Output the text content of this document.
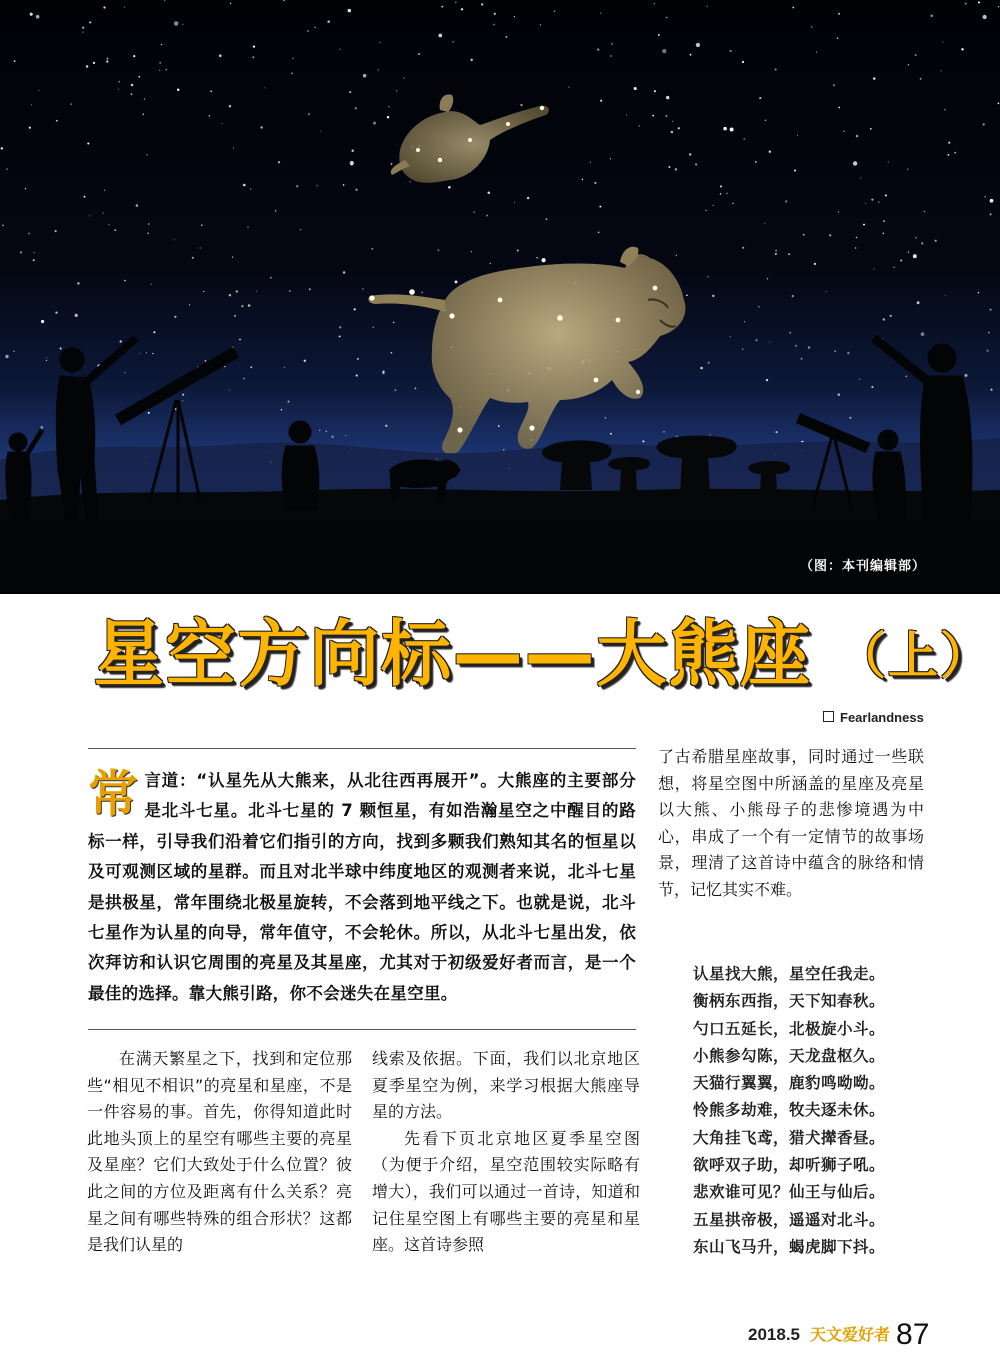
（图：本刊编辑部）
星空方向标——大熊座 （上）
Fearlandness

常言道：“认星先从大熊来，从北往西再展开”。大熊座的主要部分是北斗七星。北斗七星的 7 颗恒星，有如浩瀚星空之中醒目的路标一样，引导我们沿着它们指引的方向，找到多颗我们熟知其名的恒星以及可观测区域的星群。而且对北半球中纬度地区的观测者来说，北斗七星是拱极星，常年围绕北极星旋转，不会落到地平线之下。也就是说，北斗七星作为认星的向导，常年值守，不会轮休。所以，从北斗七星出发，依次拜访和认识它周围的亮星及其星座，尤其对于初级爱好者而言，是一个最佳的选择。靠大熊引路，你不会迷失在星空里。

了古希腊星座故事，同时通过一些联想，将星空图中所涵盖的星座及亮星以大熊、小熊母子的悲惨境遇为中心，串成了一个有一定情节的故事场景，理清了这首诗中蕴含的脉络和情节，记忆其实不难。

认星找大熊，星空任我走。
衡柄东西指，天下知春秋。
勺口五延长，北极旋小斗。
小熊参勾陈，天龙盘枢久。
天猫行翼翼，鹿豹鸣呦呦。
怜熊多劫难，牧夫逐未休。
大角挂飞鸢，猎犬撵香昼。
欲呼双子助，却听狮子吼。
悲欢谁可见？仙王与仙后。
五星拱帝极，遥遥对北斗。
东山飞马升，蝎虎脚下抖。

在满天繁星之下，找到和定位那些“相见不相识”的亮星和星座，不是一件容易的事。首先，你得知道此时此地头顶上的星空有哪些主要的亮星及星座？它们大致处于什么位置？彼此之间的方位及距离有什么关系？亮星之间有哪些特殊的组合形状？这都是我们认星的

线索及依据。下面，我们以北京地区夏季星空为例，来学习根据大熊座导星的方法。

先看下页北京地区夏季星空图（为便于介绍，星空范围较实际略有增大），我们可以通过一首诗，知道和记住星空图上有哪些主要的亮星和星座。这首诗参照

2018.5 天文爱好者 87
